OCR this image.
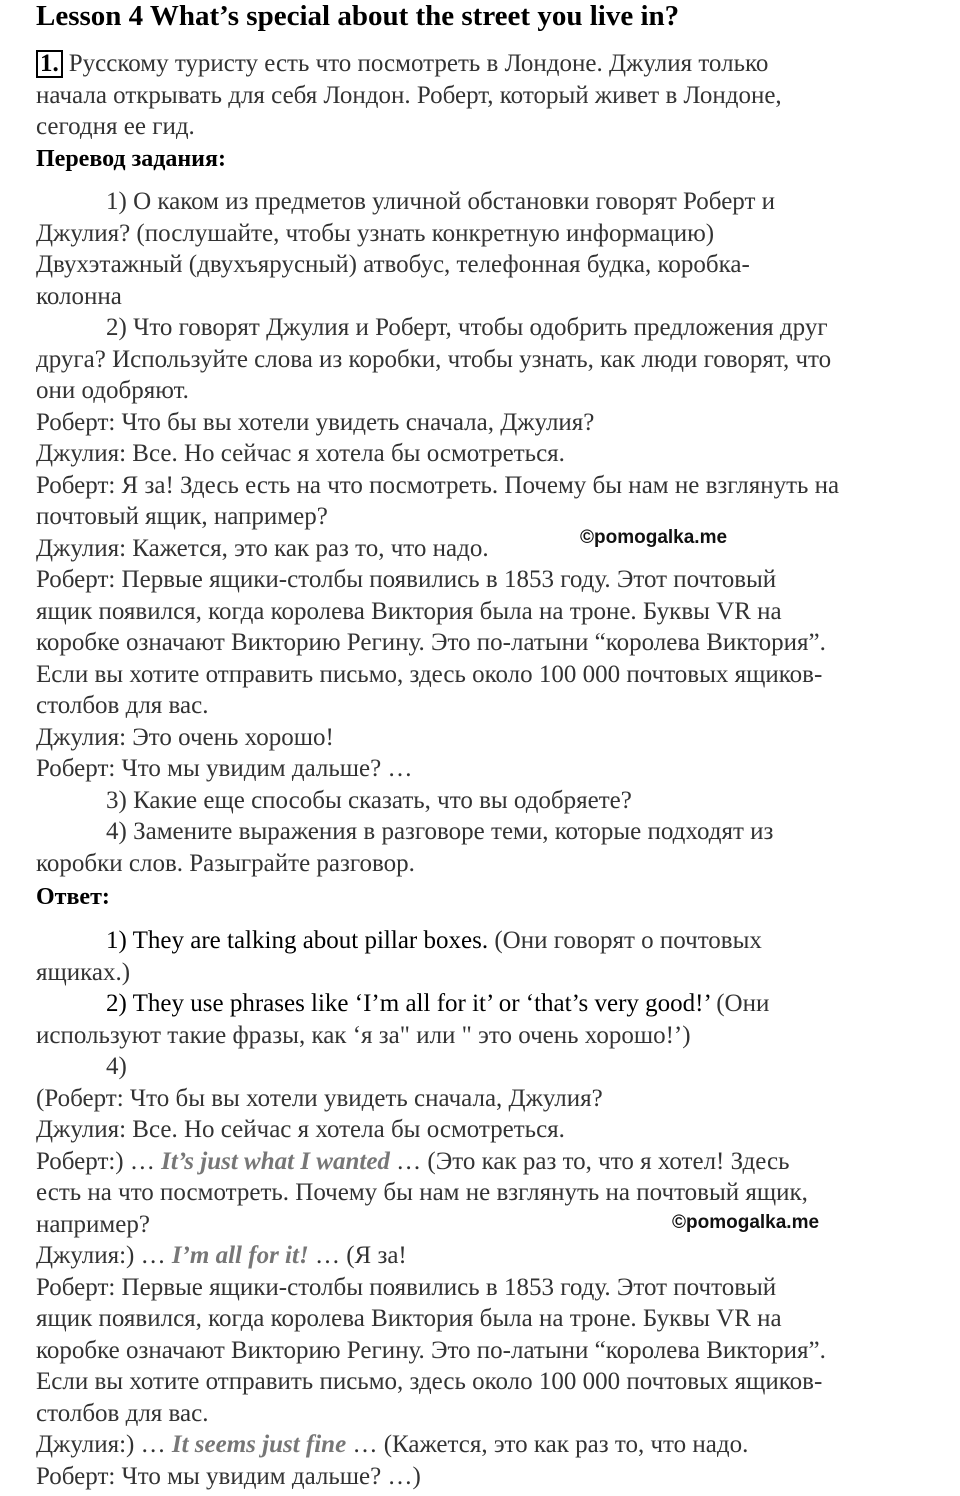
Lesson 4 What’s special about the street you live in?
1. Русскому туристу есть что посмотреть в Лондоне. Джулия только
начала открывать для себя Лондон. Роберт, который живет в Лондоне,
сегодня ее гид.
Перевод задания:
1) О каком из предметов уличной обстановки говорят Роберт и
Джулия? (послушайте, чтобы узнать конкретную информацию)
Двухэтажный (двухъярусный) атвобус, телефонная будка, коробка-
колонна
2) Что говорят Джулия и Роберт, чтобы одобрить предложения друг
друга? Используйте слова из коробки, чтобы узнать, как люди говорят, что
они одобряют.
Роберт: Что бы вы хотели увидеть сначала, Джулия?
Джулия: Все. Но сейчас я хотела бы осмотреться.
Роберт: Я за! Здесь есть на что посмотреть. Почему бы нам не взглянуть на
почтовый ящик, например?
Джулия: Кажется, это как раз то, что надо.
Роберт: Первые ящики-столбы появились в 1853 году. Этот почтовый
ящик появился, когда королева Виктория была на троне. Буквы VR на
коробке означают Викторию Регину. Это по-латыни “королева Виктория”.
Если вы хотите отправить письмо, здесь около 100 000 почтовых ящиков-
столбов для вас.
Джулия: Это очень хорошо!
Роберт: Что мы увидим дальше? …
3) Какие еще способы сказать, что вы одобряете?
4) Замените выражения в разговоре теми, которые подходят из
коробки слов. Разыграйте разговор.
Ответ:
1) They are talking about pillar boxes. (Они говорят о почтовых
ящиках.)
2) They use phrases like ‘I’m all for it’ or ‘that’s very good!’ (Они
используют такие фразы, как ‘я за" или " это очень хорошо!’)
4)
(Роберт: Что бы вы хотели увидеть сначала, Джулия?
Джулия: Все. Но сейчас я хотела бы осмотреться.
Роберт:) … It’s just what I wanted … (Это как раз то, что я хотел! Здесь
есть на что посмотреть. Почему бы нам не взглянуть на почтовый ящик,
например?
Джулия:) … I’m all for it! … (Я за!
Роберт: Первые ящики-столбы появились в 1853 году. Этот почтовый
ящик появился, когда королева Виктория была на троне. Буквы VR на
коробке означают Викторию Регину. Это по-латыни “королева Виктория”.
Если вы хотите отправить письмо, здесь около 100 000 почтовых ящиков-
столбов для вас.
Джулия:) … It seems just fine … (Кажется, это как раз то, что надо.
Роберт: Что мы увидим дальше? …)
©pomogalka.me
©pomogalka.me
